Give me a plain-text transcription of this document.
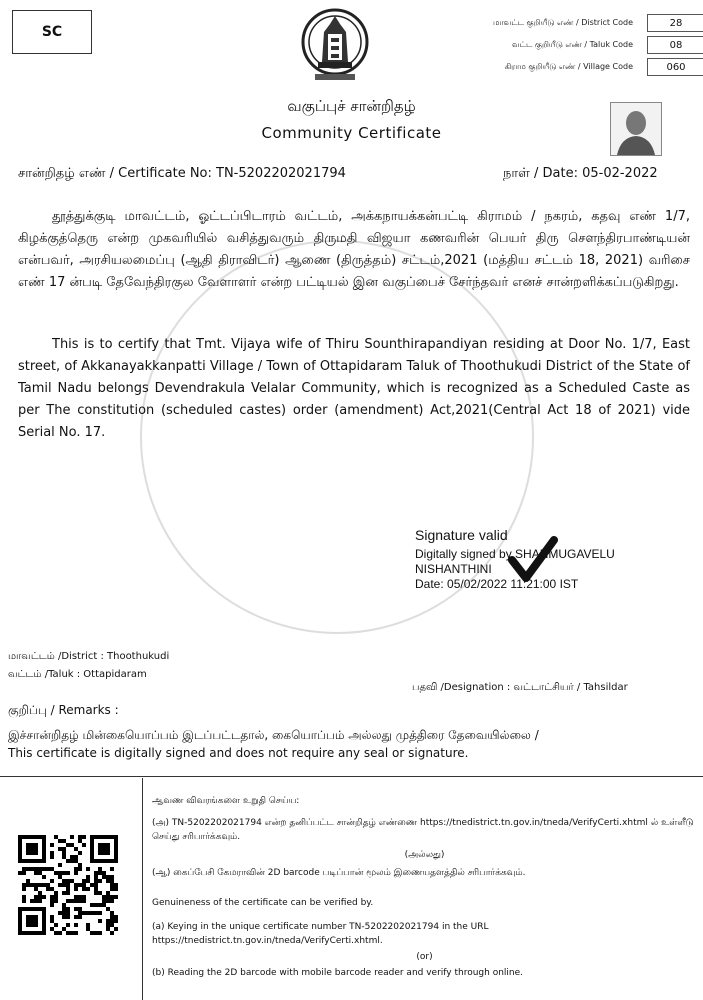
SC
மாவட்ட குறியீடு எண் / District Code	28
வட்ட குறியீடு எண் / Taluk Code	08
கிராம குறியீடு எண் / Village Code	060
வகுப்புச் சான்றிதழ்
Community Certificate
சான்றிதழ் எண் / Certificate No: TN-5202202021794	நாள் / Date: 05-02-2022

தூத்துக்குடி மாவட்டம், ஓட்டப்பிடாரம் வட்டம், அக்கநாயக்கன்பட்டி கிராமம் / நகரம், கதவு எண் 1/7, கிழக்குத்தெரு என்ற முகவரியில் வசித்துவரும் திருமதி விஜயா கணவரின் பெயர் திரு சௌந்திரபாண்டியன் என்பவர், அரசியலமைப்பு (ஆதி திராவிடர்) ஆணை (திருத்தம்) சட்டம்,2021 (மத்திய சட்டம் 18, 2021) வரிசை எண் 17 ன்படி தேவேந்திரகுல வேளாளர் என்ற பட்டியல் இன வகுப்பைச் சேர்ந்தவர் எனச் சான்றளிக்கப்படுகிறது.

This is to certify that Tmt. Vijaya wife of Thiru Sounthirapandiyan residing at Door No. 1/7, East street, of Akkanayakkanpatti Village / Town of Ottapidaram Taluk of Thoothukudi District of the State of Tamil Nadu belongs Devendrakula Velalar Community, which is recognized as a Scheduled Caste as per The constitution (scheduled castes) order (amendment) Act,2021(Central Act 18 of 2021) vide Serial No. 17.

Signature valid
Digitally signed by SHANMUGAVELU
NISHANTHINI
Date: 05/02/2022 11:21:00 IST
மாவட்டம் /District : Thoothukudi
வட்டம் /Taluk : Ottapidaram
பதவி /Designation : வட்டாட்சியர் / Tahsildar
குறிப்பு / Remarks :
இச்சான்றிதழ் மின்கையொப்பம் இடப்பட்டதால், கையொப்பம் அல்லது முத்திரை தேவையில்லை /
This certificate is digitally signed and does not require any seal or signature.
ஆவண விவரங்களை உறுதி செய்ய:
(அ) TN-5202202021794 என்ற தனிப்பட்ட சான்றிதழ் எண்ணை https://tnedistrict.tn.gov.in/tneda/VerifyCerti.xhtml ல் உள்ளீடு செய்து சரிபார்க்கவும்.
(அல்லது)
(ஆ) கைப்பேசி கேமராவின் 2D barcode படிப்பான் மூலம் இணையதளத்தில் சரிபார்க்கவும்.
Genuineness of the certificate can be verified by.
(a) Keying in the unique certificate number TN-5202202021794 in the URL https://tnedistrict.tn.gov.in/tneda/VerifyCerti.xhtml.
(or)
(b) Reading the 2D barcode with mobile barcode reader and verify through online.
